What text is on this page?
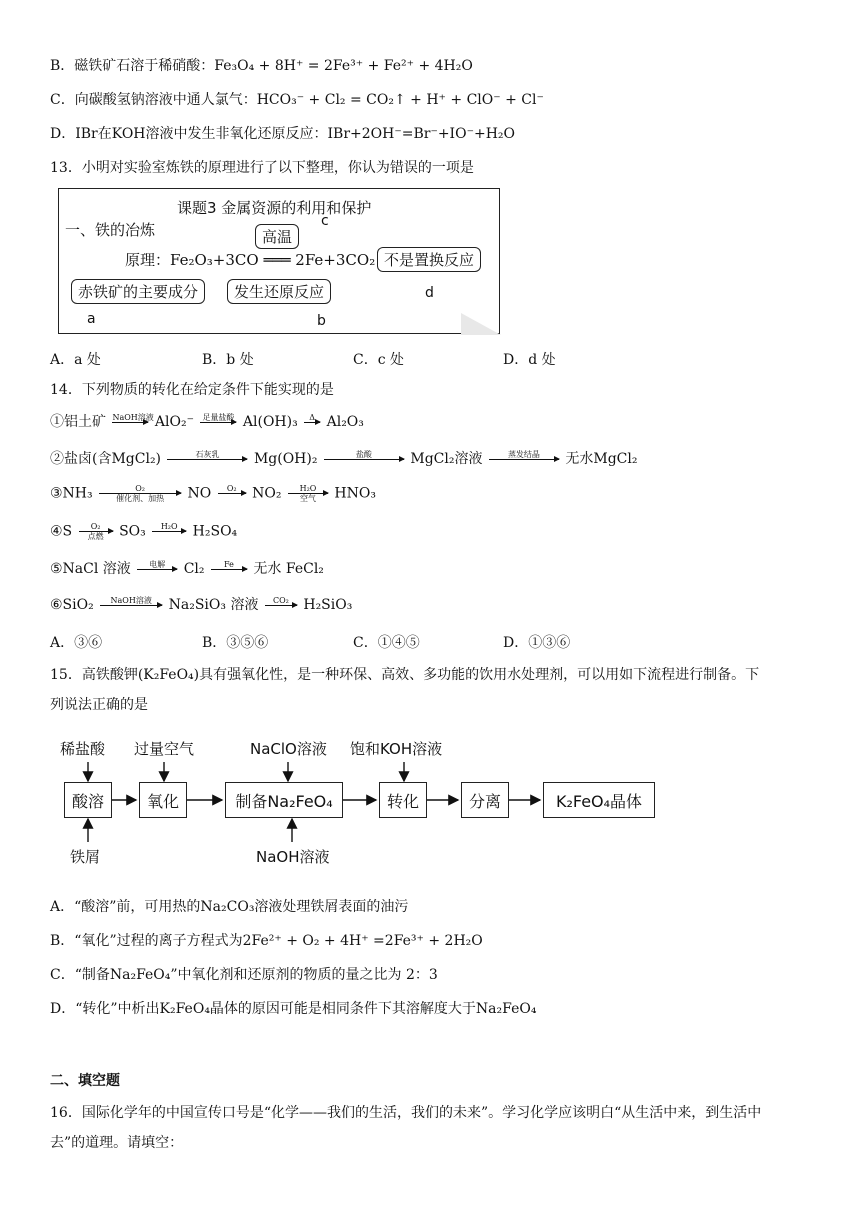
B．磁铁矿石溶于稀硝酸：Fe₃O₄ + 8H⁺ = 2Fe³⁺ + Fe²⁺ + 4H₂O
C．向碳酸氢钠溶液中通人氯气：HCO₃⁻ + Cl₂ = CO₂↑ + H⁺ + ClO⁻ + Cl⁻
D．IBr在KOH溶液中发生非氧化还原反应：IBr+2OH⁻=Br⁻+IO⁻+H₂O
13．小明对实验室炼铁的原理进行了以下整理，你认为错误的一项是
课题3 金属资源的利用和保护
一、铁的冶炼
原理：Fe₂O₃+3CO ═══ 2Fe+3CO₂
高温
不是置换反应
赤铁矿的主要成分	发生还原反应
c
d
a	b
A．a 处	B．b 处	C．c 处	D．d 处
14．下列物质的转化在给定条件下能实现的是
①铝土矿 NaOH溶液
AlO₂⁻ 足量盐酸
Al(OH)₃	Δ
Al₂O₃
②盐卤(含MgCl₂)	石灰乳
	Mg(OH)₂	盐酸
	MgCl₂溶液	蒸发结晶
	无水MgCl₂
③NH₃	O₂
催化剂、加热	NO	O₂
	NO₂	H₂O
空气	HNO₃
④S	O₂
点燃	SO₃	H₂O
	H₂SO₄
⑤NaCl 溶液	电解
	Cl₂	Fe
	无水 FeCl₂
⑥SiO₂	NaOH溶液
	Na₂SiO₃ 溶液	CO₂
	H₂SiO₃
A．③⑥	B．③⑤⑥	C．①④⑤	D．①③⑥
15．高铁酸钾(K₂FeO₄)具有强氧化性，是一种环保、高效、多功能的饮用水处理剂，可以用如下流程进行制备。下
列说法正确的是
稀盐酸 过量空气	NaClO溶液 饱和KOH溶液
酸溶	氧化	制备Na₂FeO₄	转化	分离	K₂FeO₄晶体
铁屑	NaOH溶液
A．“酸溶”前，可用热的Na₂CO₃溶液处理铁屑表面的油污
B．“氧化”过程的离子方程式为2Fe²⁺ + O₂ + 4H⁺ =2Fe³⁺ + 2H₂O
C．“制备Na₂FeO₄”中氧化剂和还原剂的物质的量之比为 2：3
D．“转化”中析出K₂FeO₄晶体的原因可能是相同条件下其溶解度大于Na₂FeO₄
二、填空题
16．国际化学年的中国宣传口号是“化学——我们的生活，我们的未来”。学习化学应该明白“从生活中来，到生活中
去”的道理。请填空：
